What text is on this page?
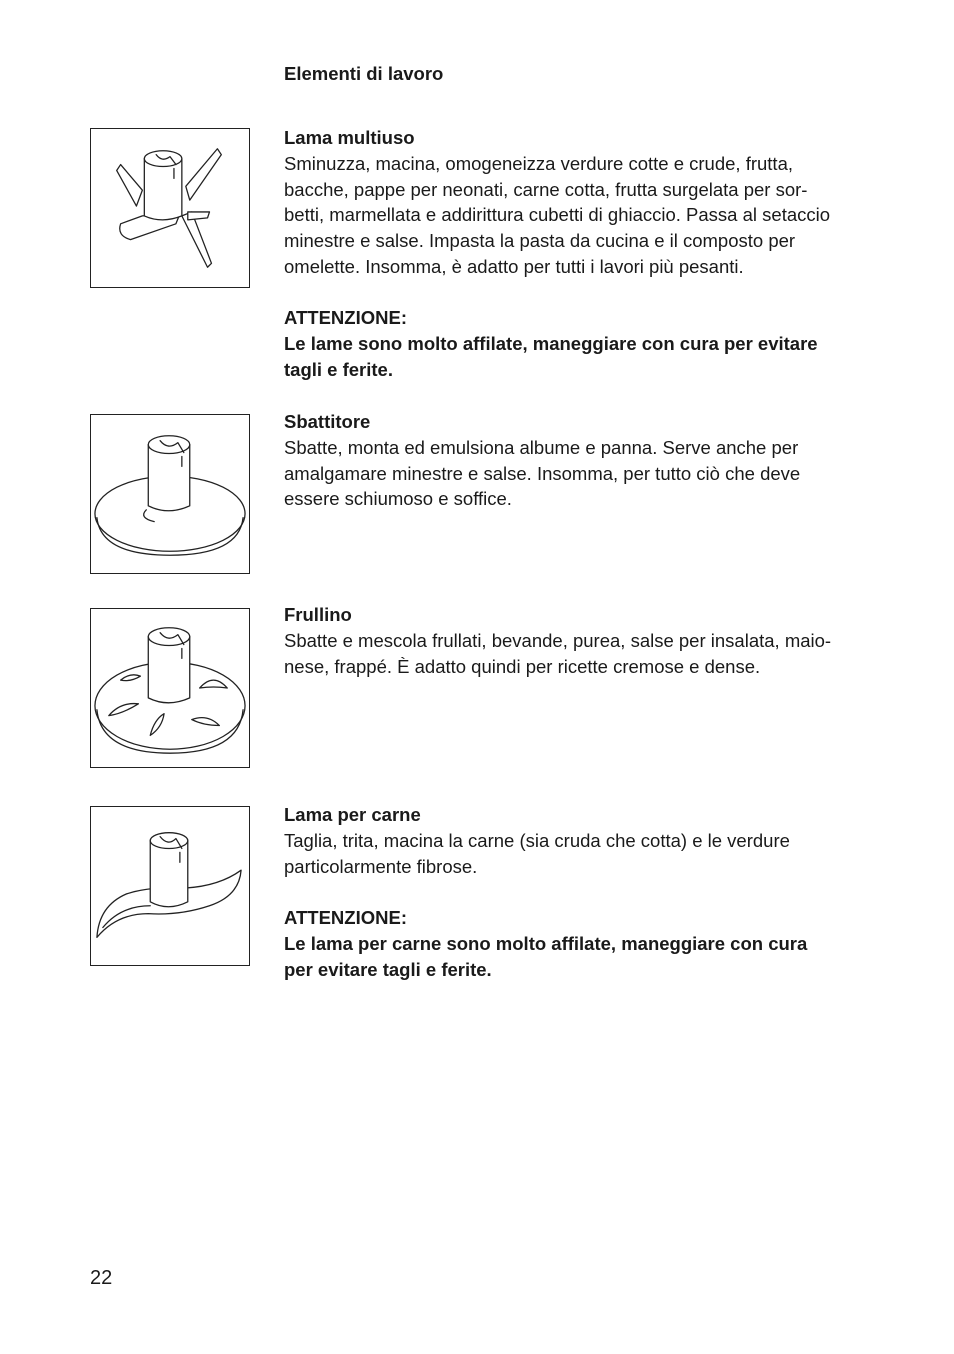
Elementi di lavoro
Lama multiuso
Sminuzza, macina, omogeneizza verdure cotte e crude, frutta,
bacche, pappe per neonati, carne cotta, frutta surgelata per sor-
betti, marmellata e addirittura cubetti di ghiaccio. Passa al setaccio
minestre e salse. Impasta la pasta da cucina e il composto per
omelette. Insomma, è adatto per tutti i lavori più pesanti.
ATTENZIONE:
Le lame sono molto affilate, maneggiare con cura per evitare
tagli e ferite.
Sbattitore
Sbatte, monta ed emulsiona albume e panna. Serve anche per
amalgamare minestre e salse. Insomma, per tutto ciò che deve
essere schiumoso e soffice.
Frullino
Sbatte e mescola frullati, bevande, purea, salse per insalata, maio-
nese, frappé. È adatto quindi per ricette cremose e dense.
Lama per carne
Taglia, trita, macina la carne (sia cruda che cotta) e le verdure
particolarmente fibrose.
ATTENZIONE:
Le lama per carne sono molto affilate, maneggiare con cura
per evitare tagli e ferite.
22
